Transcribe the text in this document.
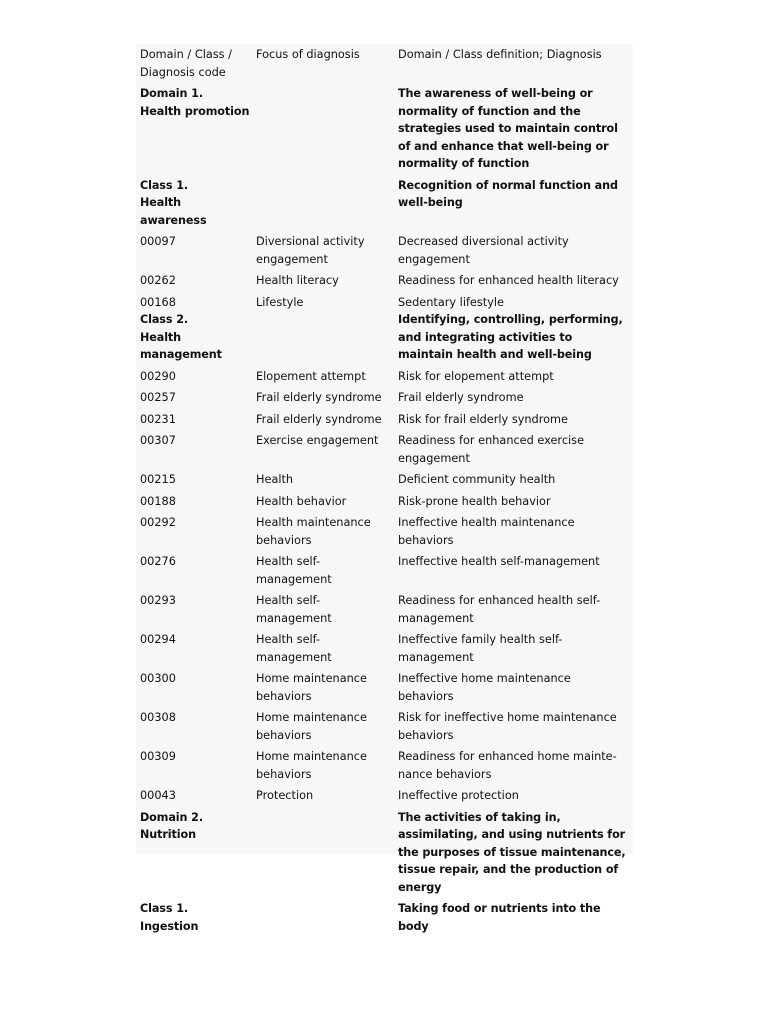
Domain / Class /
Diagnosis code	Focus of diagnosis	Domain / Class definition; Diagnosis
Domain 1.
Health promotion		The awareness of well-being or normality of function and the strategies used to maintain control of and enhance that well-being or normality of function
Class 1.
Health awareness		Recognition of normal function and well-being
00097	Diversional activity engagement	Decreased diversional activity engagement
00262	Health literacy	Readiness for enhanced health literacy
00168	Lifestyle	Sedentary lifestyle
Class 2.
Health
management		Identifying, controlling, performing, and integrating activities to maintain health and well-being
00290	Elopement attempt	Risk for elopement attempt
00257	Frail elderly syndrome	Frail elderly syndrome
00231	Frail elderly syndrome	Risk for frail elderly syndrome
00307	Exercise engagement	Readiness for enhanced exercise engagement
00215	Health	Deficient community health
00188	Health behavior	Risk-prone health behavior
00292	Health maintenance behaviors	Ineffective health maintenance behaviors
00276	Health self-management	Ineffective health self-management
00293	Health self-management	Readiness for enhanced health self-management
00294	Health self-management	Ineffective family health self-management
00300	Home maintenance behaviors	Ineffective home maintenance behaviors
00308	Home maintenance behaviors	Risk for ineffective home maintenance behaviors
00309	Home maintenance behaviors	Readiness for enhanced home mainte-nance behaviors
00043	Protection	Ineffective protection
Domain 2.
Nutrition		The activities of taking in, assimilating, and using nutrients for the purposes of tissue maintenance, tissue repair, and the production of energy
Class 1.
Ingestion		Taking food or nutrients into the body
